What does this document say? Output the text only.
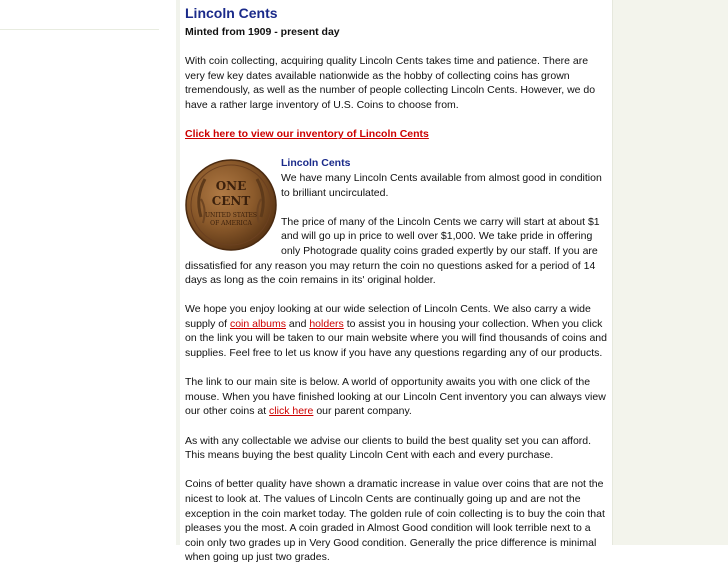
Lincoln Cents

Minted from 1909 - present day

With coin collecting, acquiring quality Lincoln Cents takes time and patience. There are very few key dates available nationwide as the hobby of collecting coins has grown tremendously, as well as the number of people collecting Lincoln Cents. However, we do have a rather large inventory of U.S. Coins to choose from.

Click here to view our inventory of Lincoln Cents

ONE
CENT
UNITED STATES
OF AMERICA

Lincoln Cents

We have many Lincoln Cents available from almost good in condition to brilliant uncirculated.

The price of many of the Lincoln Cents we carry will start at about $1 and will go up in price to well over $1,000. We take pride in offering only Photograde quality coins graded expertly by our staff. If you are dissatisfied for any reason you may return the coin no questions asked for a period of 14 days as long as the coin remains in its' original holder.

We hope you enjoy looking at our wide selection of Lincoln Cents. We also carry a wide supply of coin albums and holders to assist you in housing your collection. When you click on the link you will be taken to our main website where you will find thousands of coins and supplies. Feel free to let us know if you have any questions regarding any of our products.

The link to our main site is below. A world of opportunity awaits you with one click of the mouse. When you have finished looking at our Lincoln Cent inventory you can always view our other coins at click here our parent company.

As with any collectable we advise our clients to build the best quality set you can afford. This means buying the best quality Lincoln Cent with each and every purchase.

Coins of better quality have shown a dramatic increase in value over coins that are not the nicest to look at. The values of Lincoln Cents are continually going up and are not the exception in the coin market today. The golden rule of coin collecting is to buy the coin that pleases you the most. A coin graded in Almost Good condition will look terrible next to a coin only two grades up in Very Good condition. Generally the price difference is minimal when going up just two grades.
